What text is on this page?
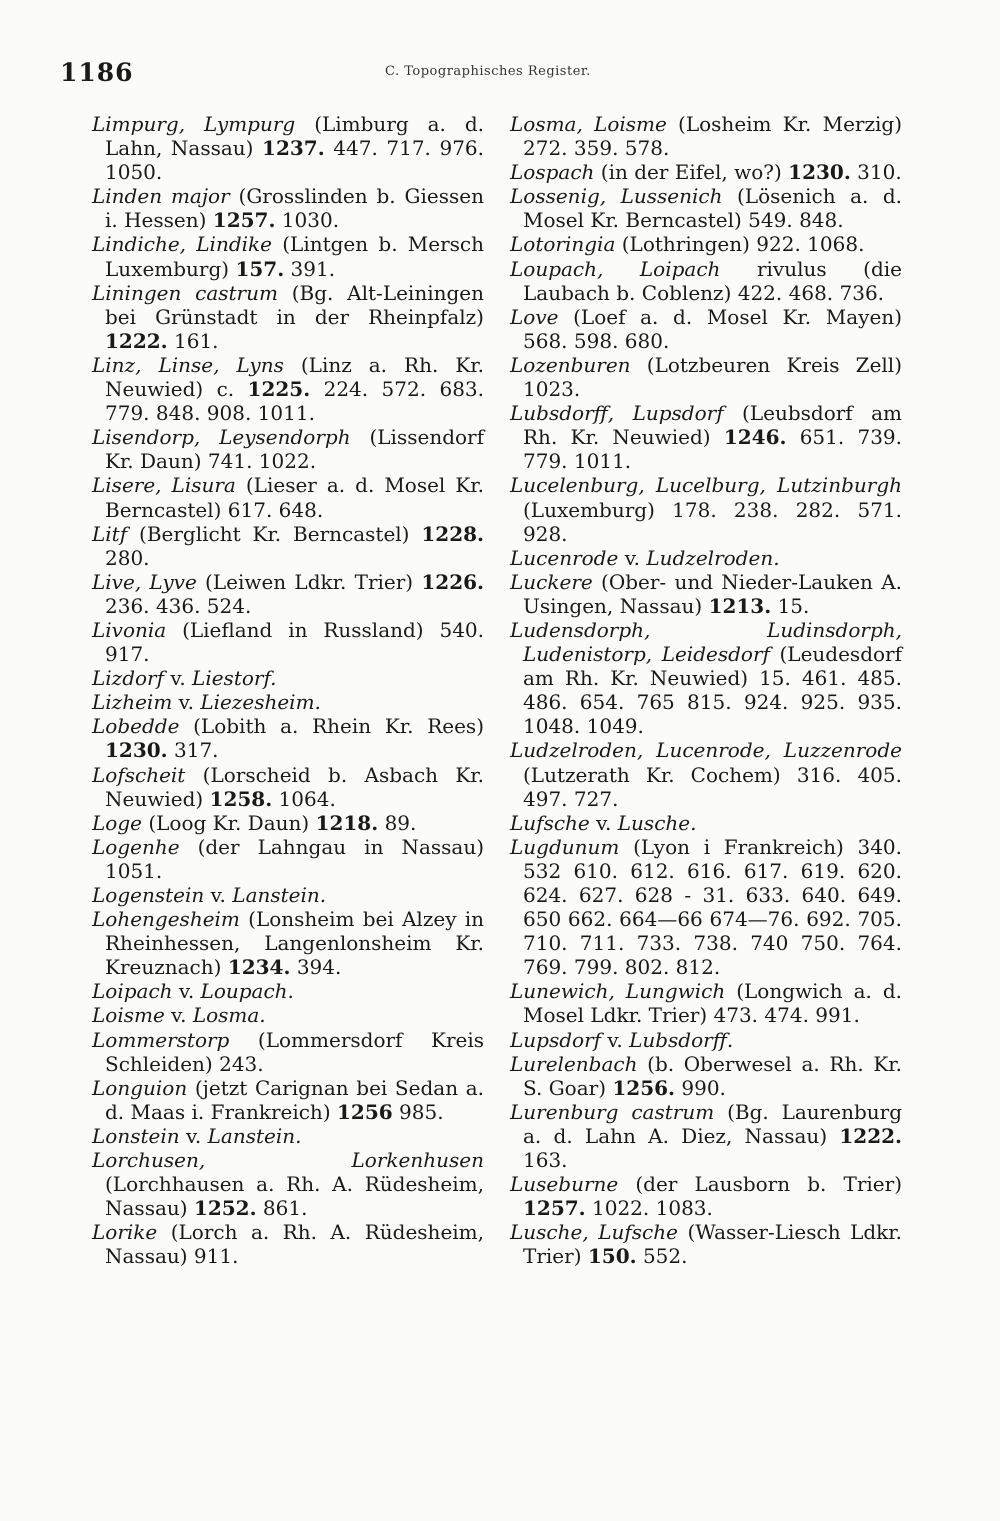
1186	C. Topographisches Register.

Limpurg, Lympurg (Limburg a. d. Lahn, Nassau) 1237. 447. 717. 976. 1050.

Linden major (Grosslinden b. Giessen i. Hessen) 1257. 1030.

Lindiche, Lindike (Lintgen b. Mersch Luxemburg) 157. 391.

Liningen castrum (Bg. Alt-Leiningen bei Grünstadt in der Rheinpfalz) 1222. 161.

Linz, Linse, Lyns (Linz a. Rh. Kr. Neuwied) c. 1225. 224. 572. 683. 779. 848. 908. 1011.

Lisendorp, Leysendorph (Lissendorf Kr. Daun) 741. 1022.

Lisere, Lisura (Lieser a. d. Mosel Kr. Berncastel) 617. 648.

Litf (Berglicht Kr. Berncastel) 1228. 280.

Live, Lyve (Leiwen Ldkr. Trier) 1226. 236. 436. 524.

Livonia (Liefland in Russland) 540. 917.

Lizdorf v. Liestorf.

Lizheim v. Liezesheim.

Lobedde (Lobith a. Rhein Kr. Rees) 1230. 317.

Lofscheit (Lorscheid b. Asbach Kr. Neuwied) 1258. 1064.

Loge (Loog Kr. Daun) 1218. 89.

Logenhe (der Lahngau in Nassau) 1051.

Logenstein v. Lanstein.

Lohengesheim (Lonsheim bei Alzey in Rheinhessen, Langenlonsheim Kr. Kreuznach) 1234. 394.

Loipach v. Loupach.

Loisme v. Losma.

Lommerstorp (Lommersdorf Kreis Schleiden) 243.

Longuion (jetzt Carignan bei Sedan a. d. Maas i. Frankreich) 1256 985.

Lonstein v. Lanstein.

Lorchusen, Lorkenhusen (Lorchhausen a. Rh. A. Rüdesheim, Nassau) 1252. 861.

Lorike (Lorch a. Rh. A. Rüdesheim, Nassau) 911.

Losma, Loisme (Losheim Kr. Merzig) 272. 359. 578.

Lospach (in der Eifel, wo?) 1230. 310.

Lossenig, Lussenich (Lösenich a. d. Mosel Kr. Berncastel) 549. 848.

Lotoringia (Lothringen) 922. 1068.

Loupach, Loipach rivulus (die Laubach b. Coblenz) 422. 468. 736.

Love (Loef a. d. Mosel Kr. Mayen) 568. 598. 680.

Lozenburen (Lotzbeuren Kreis Zell) 1023.

Lubsdorff, Lupsdorf (Leubsdorf am Rh. Kr. Neuwied) 1246. 651. 739. 779. 1011.

Lucelenburg, Lucelburg, Lutzinburgh (Luxemburg) 178. 238. 282. 571. 928.

Lucenrode v. Ludzelroden.

Luckere (Ober- und Nieder-Lauken A. Usingen, Nassau) 1213. 15.

Ludensdorph, Ludinsdorph, Ludenistorp, Leidesdorf (Leudesdorf am Rh. Kr. Neuwied) 15. 461. 485. 486. 654. 765 815. 924. 925. 935. 1048. 1049.

Ludzelroden, Lucenrode, Luzzenrode (Lutzerath Kr. Cochem) 316. 405. 497. 727.

Lufsche v. Lusche.

Lugdunum (Lyon i Frankreich) 340. 532 610. 612. 616. 617. 619. 620. 624. 627. 628 - 31. 633. 640. 649. 650 662. 664—66 674—76. 692. 705. 710. 711. 733. 738. 740 750. 764. 769. 799. 802. 812.

Lunewich, Lungwich (Longwich a. d. Mosel Ldkr. Trier) 473. 474. 991.

Lupsdorf v. Lubsdorff.

Lurelenbach (b. Oberwesel a. Rh. Kr. S. Goar) 1256. 990.

Lurenburg castrum (Bg. Laurenburg a. d. Lahn A. Diez, Nassau) 1222. 163.

Luseburne (der Lausborn b. Trier) 1257. 1022. 1083.

Lusche, Lufsche (Wasser-Liesch Ldkr. Trier) 150. 552.
